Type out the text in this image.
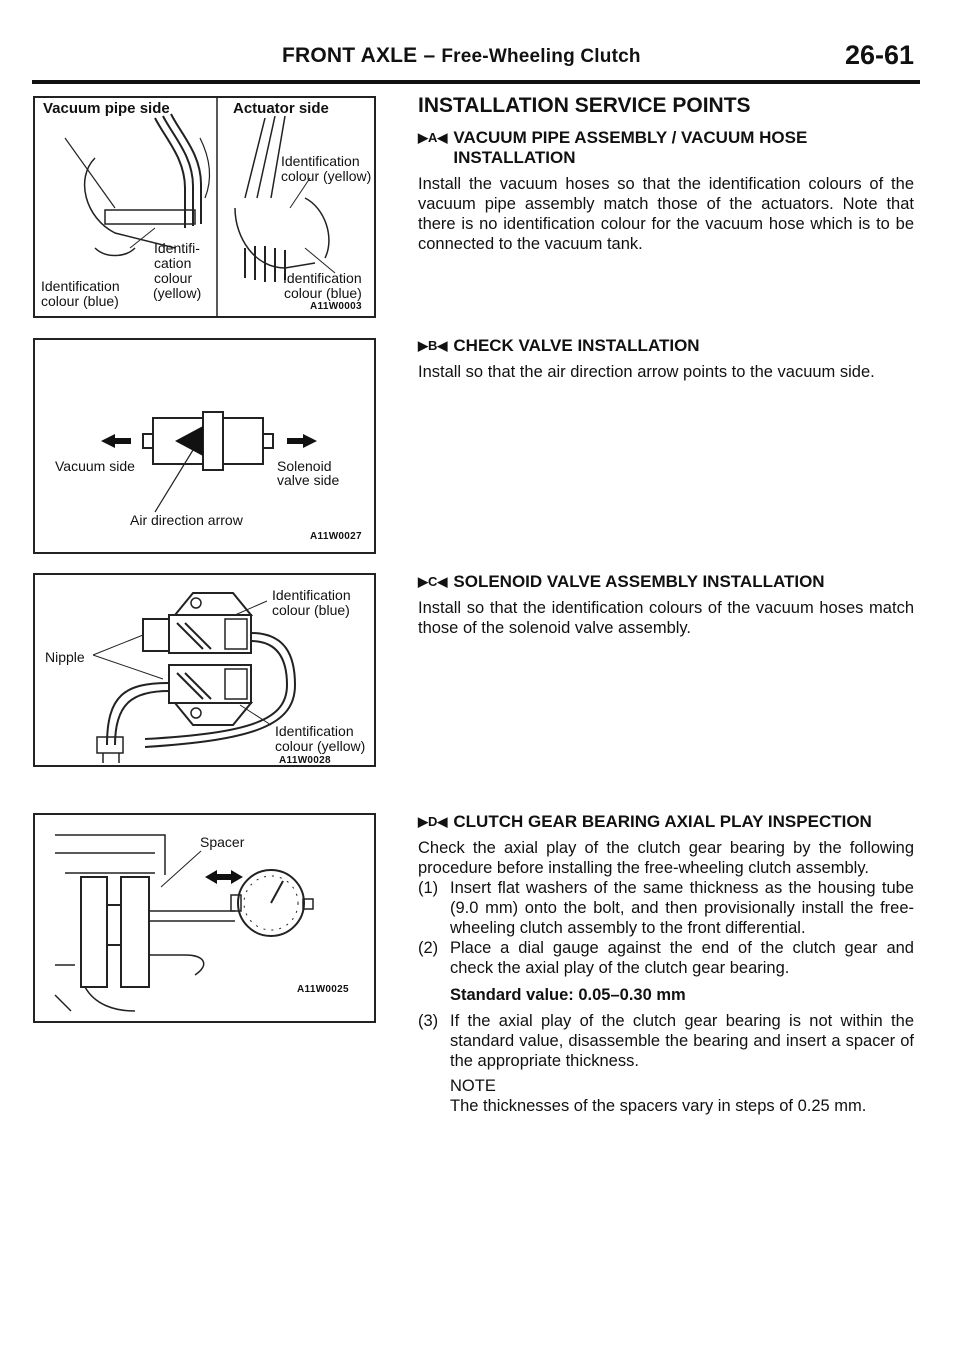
FRONT AXLE – Free-Wheeling Clutch	26-61
Vacuum pipe side	Actuator side
Identifi-
cation
colour
(yellow)
Identification
colour (blue)
Identification
colour (yellow)
Identification
colour (blue)
A11W0003
Vacuum side	Solenoid
valve side
Air direction arrow
A11W0027
Identification
colour (blue)
Nipple
Identification
colour (yellow)
A11W0028
Spacer
A11W0025
INSTALLATION SERVICE POINTS
▶A◀ VACUUM PIPE ASSEMBLY / VACUUM HOSE INSTALLATION

Install the vacuum hoses so that the identification colours of the vacuum pipe assembly match those of the actuators. Note that there is no identification colour for the vacuum hose which is to be connected to the vacuum tank.

▶B◀ CHECK VALVE INSTALLATION

Install so that the air direction arrow points to the vacuum side.

▶C◀ SOLENOID VALVE ASSEMBLY INSTALLATION

Install so that the identification colours of the vacuum hoses match those of the solenoid valve assembly.

▶D◀ CLUTCH GEAR BEARING AXIAL PLAY INSPECTION

Check the axial play of the clutch gear bearing by the following procedure before installing the free-wheeling clutch assembly.

(1) Insert flat washers of the same thickness as the housing tube (9.0 mm) onto the bolt, and then provisionally install the free-wheeling clutch assembly to the front differential.
(2) Place a dial gauge against the end of the clutch gear and check the axial play of the clutch gear bearing.
Standard value: 0.05–0.30 mm
(3) If the axial play of the clutch gear bearing is not within the standard value, disassemble the bearing and insert a spacer of the appropriate thickness.
NOTE
The thicknesses of the spacers vary in steps of 0.25 mm.
